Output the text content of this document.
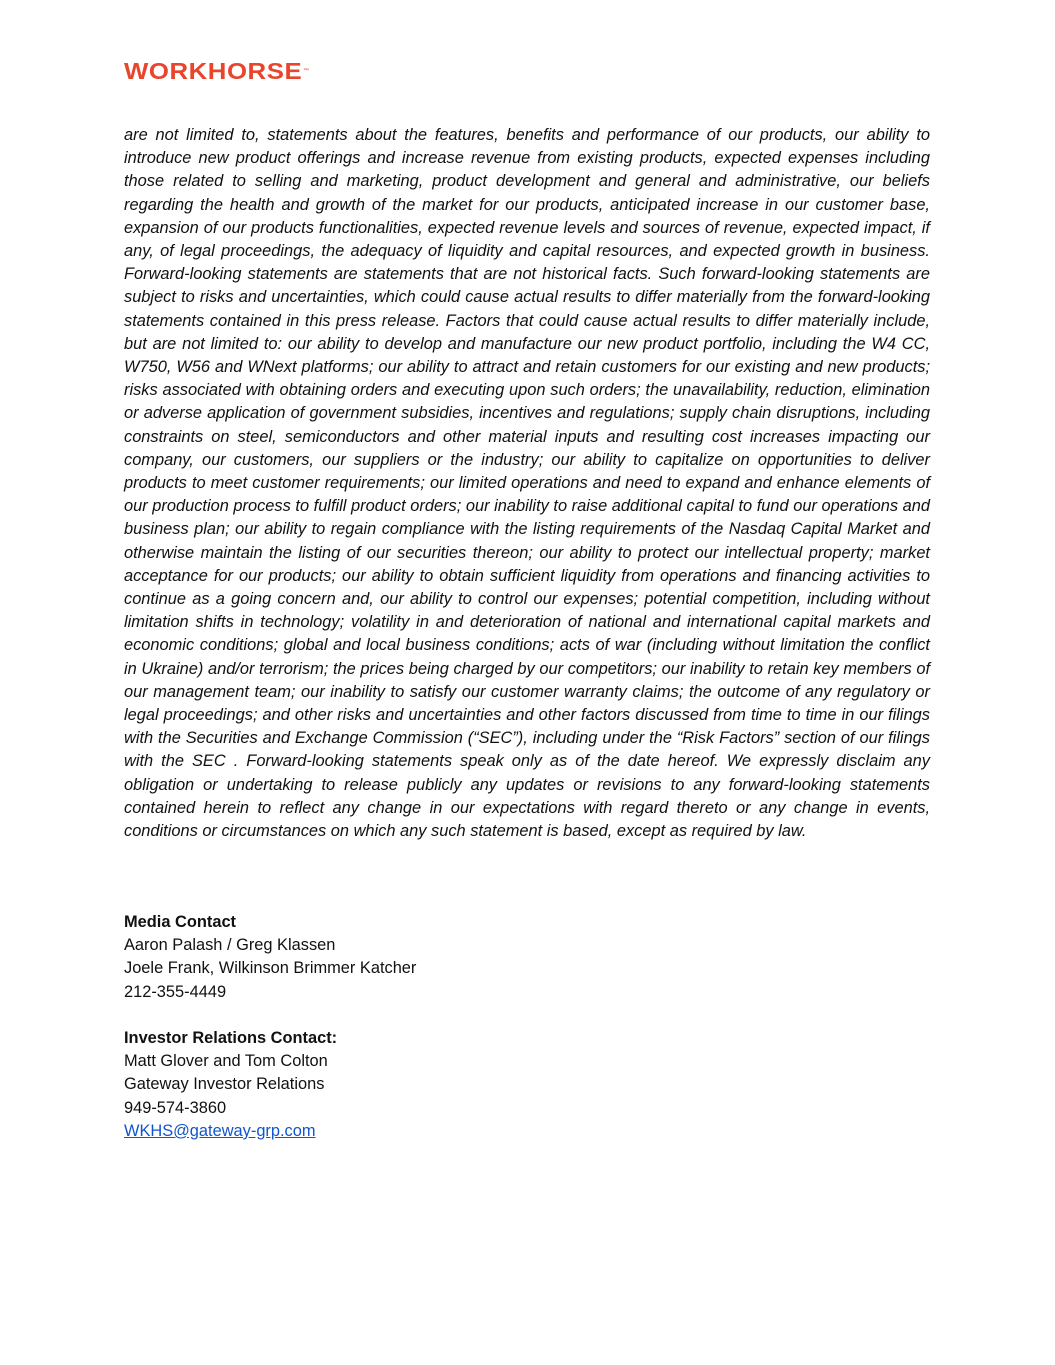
WORKHORSE™

are not limited to, statements about the features, benefits and performance of our products, our ability to introduce new product offerings and increase revenue from existing products, expected expenses including those related to selling and marketing, product development and general and administrative, our beliefs regarding the health and growth of the market for our products, anticipated increase in our customer base, expansion of our products functionalities, expected revenue levels and sources of revenue, expected impact, if any, of legal proceedings, the adequacy of liquidity and capital resources, and expected growth in business. Forward-looking statements are statements that are not historical facts. Such forward-looking statements are subject to risks and uncertainties, which could cause actual results to differ materially from the forward-looking statements contained in this press release. Factors that could cause actual results to differ materially include, but are not limited to: our ability to develop and manufacture our new product portfolio, including the W4 CC, W750, W56 and WNext platforms; our ability to attract and retain customers for our existing and new products; risks associated with obtaining orders and executing upon such orders; the unavailability, reduction, elimination or adverse application of government subsidies, incentives and regulations; supply chain disruptions, including constraints on steel, semiconductors and other material inputs and resulting cost increases impacting our company, our customers, our suppliers or the industry; our ability to capitalize on opportunities to deliver products to meet customer requirements; our limited operations and need to expand and enhance elements of our production process to fulfill product orders; our inability to raise additional capital to fund our operations and business plan; our ability to regain compliance with the listing requirements of the Nasdaq Capital Market and otherwise maintain the listing of our securities thereon; our ability to protect our intellectual property; market acceptance for our products; our ability to obtain sufficient liquidity from operations and financing activities to continue as a going concern and, our ability to control our expenses; potential competition, including without limitation shifts in technology; volatility in and deterioration of national and international capital markets and economic conditions; global and local business conditions; acts of war (including without limitation the conflict in Ukraine) and/or terrorism; the prices being charged by our competitors; our inability to retain key members of our management team; our inability to satisfy our customer warranty claims; the outcome of any regulatory or legal proceedings; and other risks and uncertainties and other factors discussed from time to time in our filings with the Securities and Exchange Commission (“SEC”), including under the “Risk Factors” section of our filings with the SEC . Forward-looking statements speak only as of the date hereof. We expressly disclaim any obligation or undertaking to release publicly any updates or revisions to any forward-looking statements contained herein to reflect any change in our expectations with regard thereto or any change in events, conditions or circumstances on which any such statement is based, except as required by law.

Media Contact
Aaron Palash / Greg Klassen
Joele Frank, Wilkinson Brimmer Katcher
212-355-4449
Investor Relations Contact:
Matt Glover and Tom Colton
Gateway Investor Relations
949-574-3860
WKHS@gateway-grp.com
